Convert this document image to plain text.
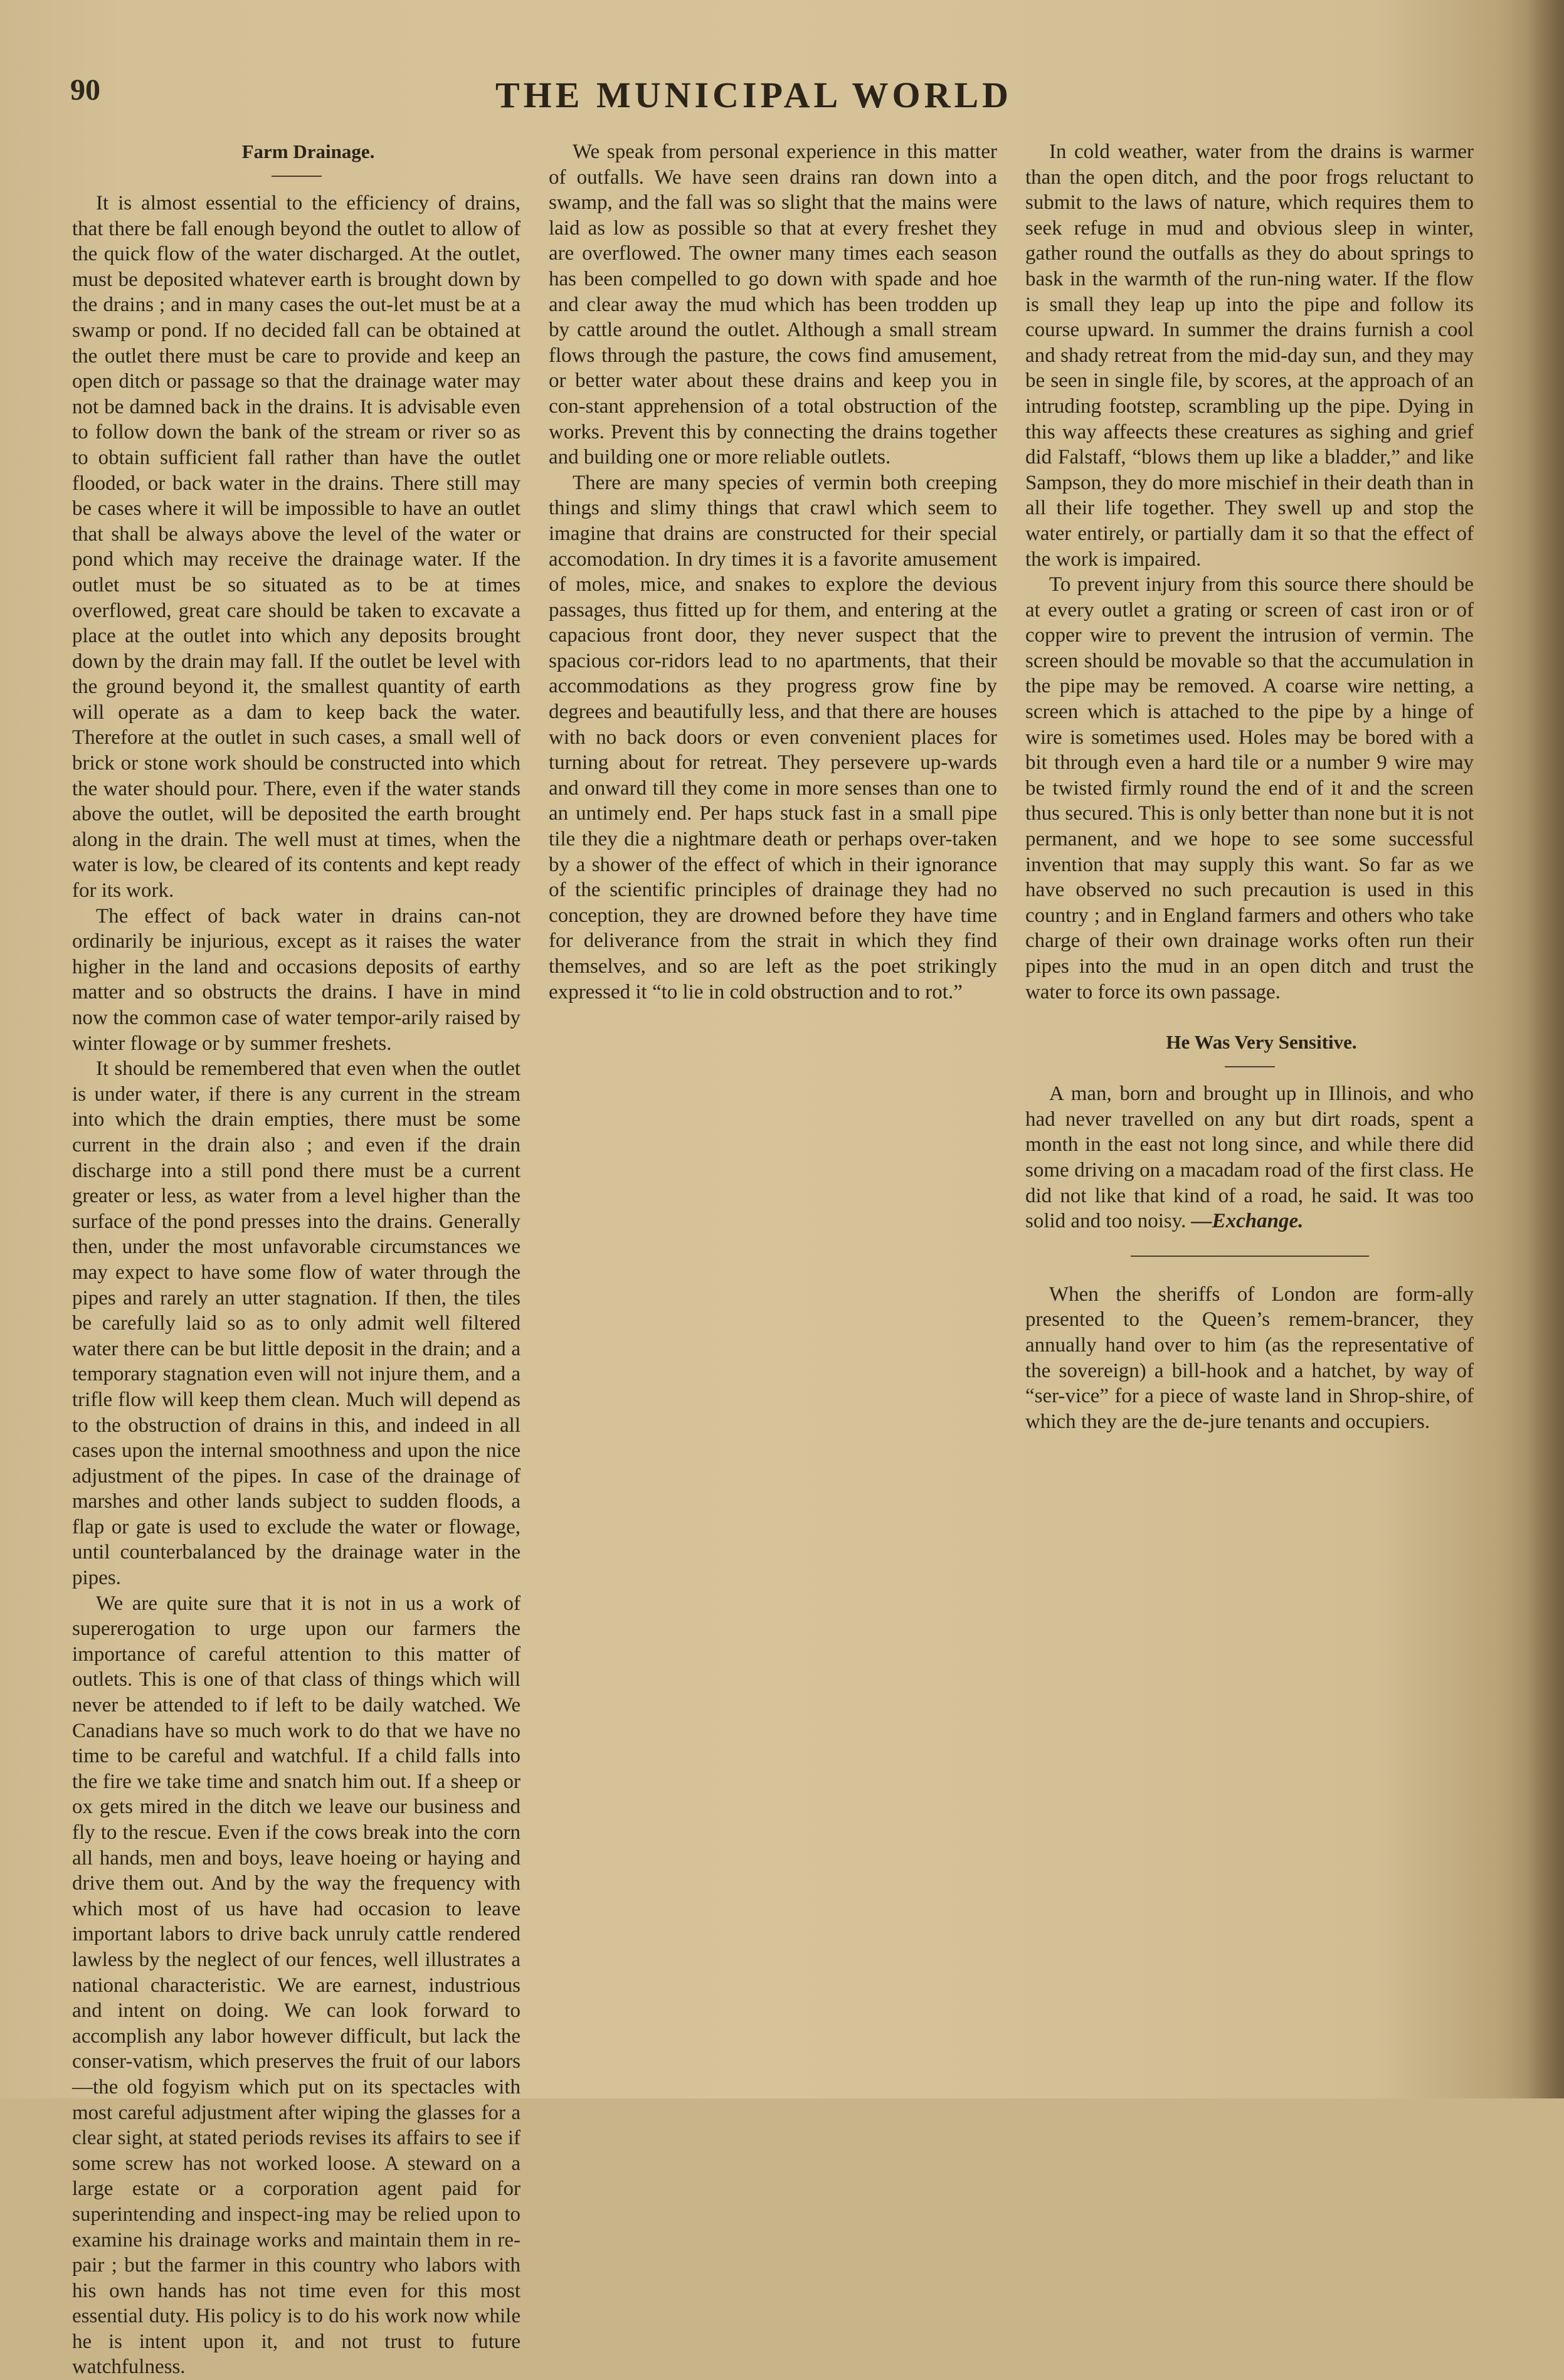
90	THE MUNICIPAL WORLD

Farm Drainage.

It is almost essential to the efficiency of drains, that there be fall enough beyond the outlet to allow of the quick flow of the water discharged. At the outlet, must be deposited whatever earth is brought down by the drains ; and in many cases the out-let must be at a swamp or pond. If no decided fall can be obtained at the outlet there must be care to provide and keep an open ditch or passage so that the drainage water may not be damned back in the drains. It is advisable even to follow down the bank of the stream or river so as to obtain sufficient fall rather than have the outlet flooded, or back water in the drains. There still may be cases where it will be impossible to have an outlet that shall be always above the level of the water or pond which may receive the drainage water. If the outlet must be so situated as to be at times overflowed, great care should be taken to excavate a place at the outlet into which any deposits brought down by the drain may fall. If the outlet be level with the ground beyond it, the smallest quantity of earth will operate as a dam to keep back the water. Therefore at the outlet in such cases, a small well of brick or stone work should be constructed into which the water should pour. There, even if the water stands above the outlet, will be deposited the earth brought along in the drain. The well must at times, when the water is low, be cleared of its contents and kept ready for its work.

The effect of back water in drains can-not ordinarily be injurious, except as it raises the water higher in the land and occasions deposits of earthy matter and so obstructs the drains. I have in mind now the common case of water tempor-arily raised by winter flowage or by summer freshets.

It should be remembered that even when the outlet is under water, if there is any current in the stream into which the drain empties, there must be some current in the drain also ; and even if the drain discharge into a still pond there must be a current greater or less, as water from a level higher than the surface of the pond presses into the drains. Generally then, under the most unfavorable circumstances we may expect to have some flow of water through the pipes and rarely an utter stagnation. If then, the tiles be carefully laid so as to only admit well filtered water there can be but little deposit in the drain; and a temporary stagnation even will not injure them, and a trifle flow will keep them clean. Much will depend as to the obstruction of drains in this, and indeed in all cases upon the internal smoothness and upon the nice adjustment of the pipes. In case of the drainage of marshes and other lands subject to sudden floods, a flap or gate is used to exclude the water or flowage, until counterbalanced by the drainage water in the pipes.

We are quite sure that it is not in us a work of supererogation to urge upon our farmers the importance of careful attention to this matter of outlets. This is one of that class of things which will never be attended to if left to be daily watched. We Canadians have so much work to do that we have no time to be careful and watchful. If a child falls into the fire we take time and snatch him out. If a sheep or ox gets mired in the ditch we leave our business and fly to the rescue. Even if the cows break into the corn all hands, men and boys, leave hoeing or haying and drive them out. And by the way the frequency with which most of us have had occasion to leave important labors to drive back unruly cattle rendered lawless by the neglect of our fences, well illustrates a national characteristic. We are earnest, industrious and intent on doing. We can look forward to accomplish any labor however difficult, but lack the conser-vatism, which preserves the fruit of our labors—the old fogyism which put on its spectacles with most careful adjustment after wiping the glasses for a clear sight, at stated periods revises its affairs to see if some screw has not worked loose. A steward on a large estate or a corporation agent paid for superintending and inspect-ing may be relied upon to examine his drainage works and maintain them in re-pair ; but the farmer in this country who labors with his own hands has not time even for this most essential duty. His policy is to do his work now while he is intent upon it, and not trust to future watchfulness.

We speak from personal experience in this matter of outfalls. We have seen drains ran down into a swamp, and the fall was so slight that the mains were laid as low as possible so that at every freshet they are overflowed. The owner many times each season has been compelled to go down with spade and hoe and clear away the mud which has been trodden up by cattle around the outlet. Although a small stream flows through the pasture, the cows find amusement, or better water about these drains and keep you in con-stant apprehension of a total obstruction of the works. Prevent this by connecting the drains together and building one or more reliable outlets.

There are many species of vermin both creeping things and slimy things that crawl which seem to imagine that drains are constructed for their special accomodation. In dry times it is a favorite amusement of moles, mice, and snakes to explore the devious passages, thus fitted up for them, and entering at the capacious front door, they never suspect that the spacious cor-ridors lead to no apartments, that their accommodations as they progress grow fine by degrees and beautifully less, and that there are houses with no back doors or even convenient places for turning about for retreat. They persevere up-wards and onward till they come in more senses than one to an untimely end. Per haps stuck fast in a small pipe tile they die a nightmare death or perhaps over-taken by a shower of the effect of which in their ignorance of the scientific principles of drainage they had no conception, they are drowned before they have time for deliverance from the strait in which they find themselves, and so are left as the poet strikingly expressed it “to lie in cold obstruction and to rot.”

In cold weather, water from the drains is warmer than the open ditch, and the poor frogs reluctant to submit to the laws of nature, which requires them to seek refuge in mud and obvious sleep in winter, gather round the outfalls as they do about springs to bask in the warmth of the run-ning water. If the flow is small they leap up into the pipe and follow its course upward. In summer the drains furnish a cool and shady retreat from the mid-day sun, and they may be seen in single file, by scores, at the approach of an intruding footstep, scrambling up the pipe. Dying in this way affeects these creatures as sighing and grief did Falstaff, “blows them up like a bladder,” and like Sampson, they do more mischief in their death than in all their life together. They swell up and stop the water entirely, or partially dam it so that the effect of the work is impaired.

To prevent injury from this source there should be at every outlet a grating or screen of cast iron or of copper wire to prevent the intrusion of vermin. The screen should be movable so that the accumulation in the pipe may be removed. A coarse wire netting, a screen which is attached to the pipe by a hinge of wire is sometimes used. Holes may be bored with a bit through even a hard tile or a number 9 wire may be twisted firmly round the end of it and the screen thus secured. This is only better than none but it is not permanent, and we hope to see some successful invention that may supply this want. So far as we have observed no such precaution is used in this country ; and in England farmers and others who take charge of their own drainage works often run their pipes into the mud in an open ditch and trust the water to force its own passage.

He Was Very Sensitive.

A man, born and brought up in Illinois, and who had never travelled on any but dirt roads, spent a month in the east not long since, and while there did some driving on a macadam road of the first class. He did not like that kind of a road, he said. It was too solid and too noisy. —Exchange.

When the sheriffs of London are form-ally presented to the Queen’s remem-brancer, they annually hand over to him (as the representative of the sovereign) a bill-hook and a hatchet, by way of “ser-vice” for a piece of waste land in Shrop-shire, of which they are the de-jure tenants and occupiers.
